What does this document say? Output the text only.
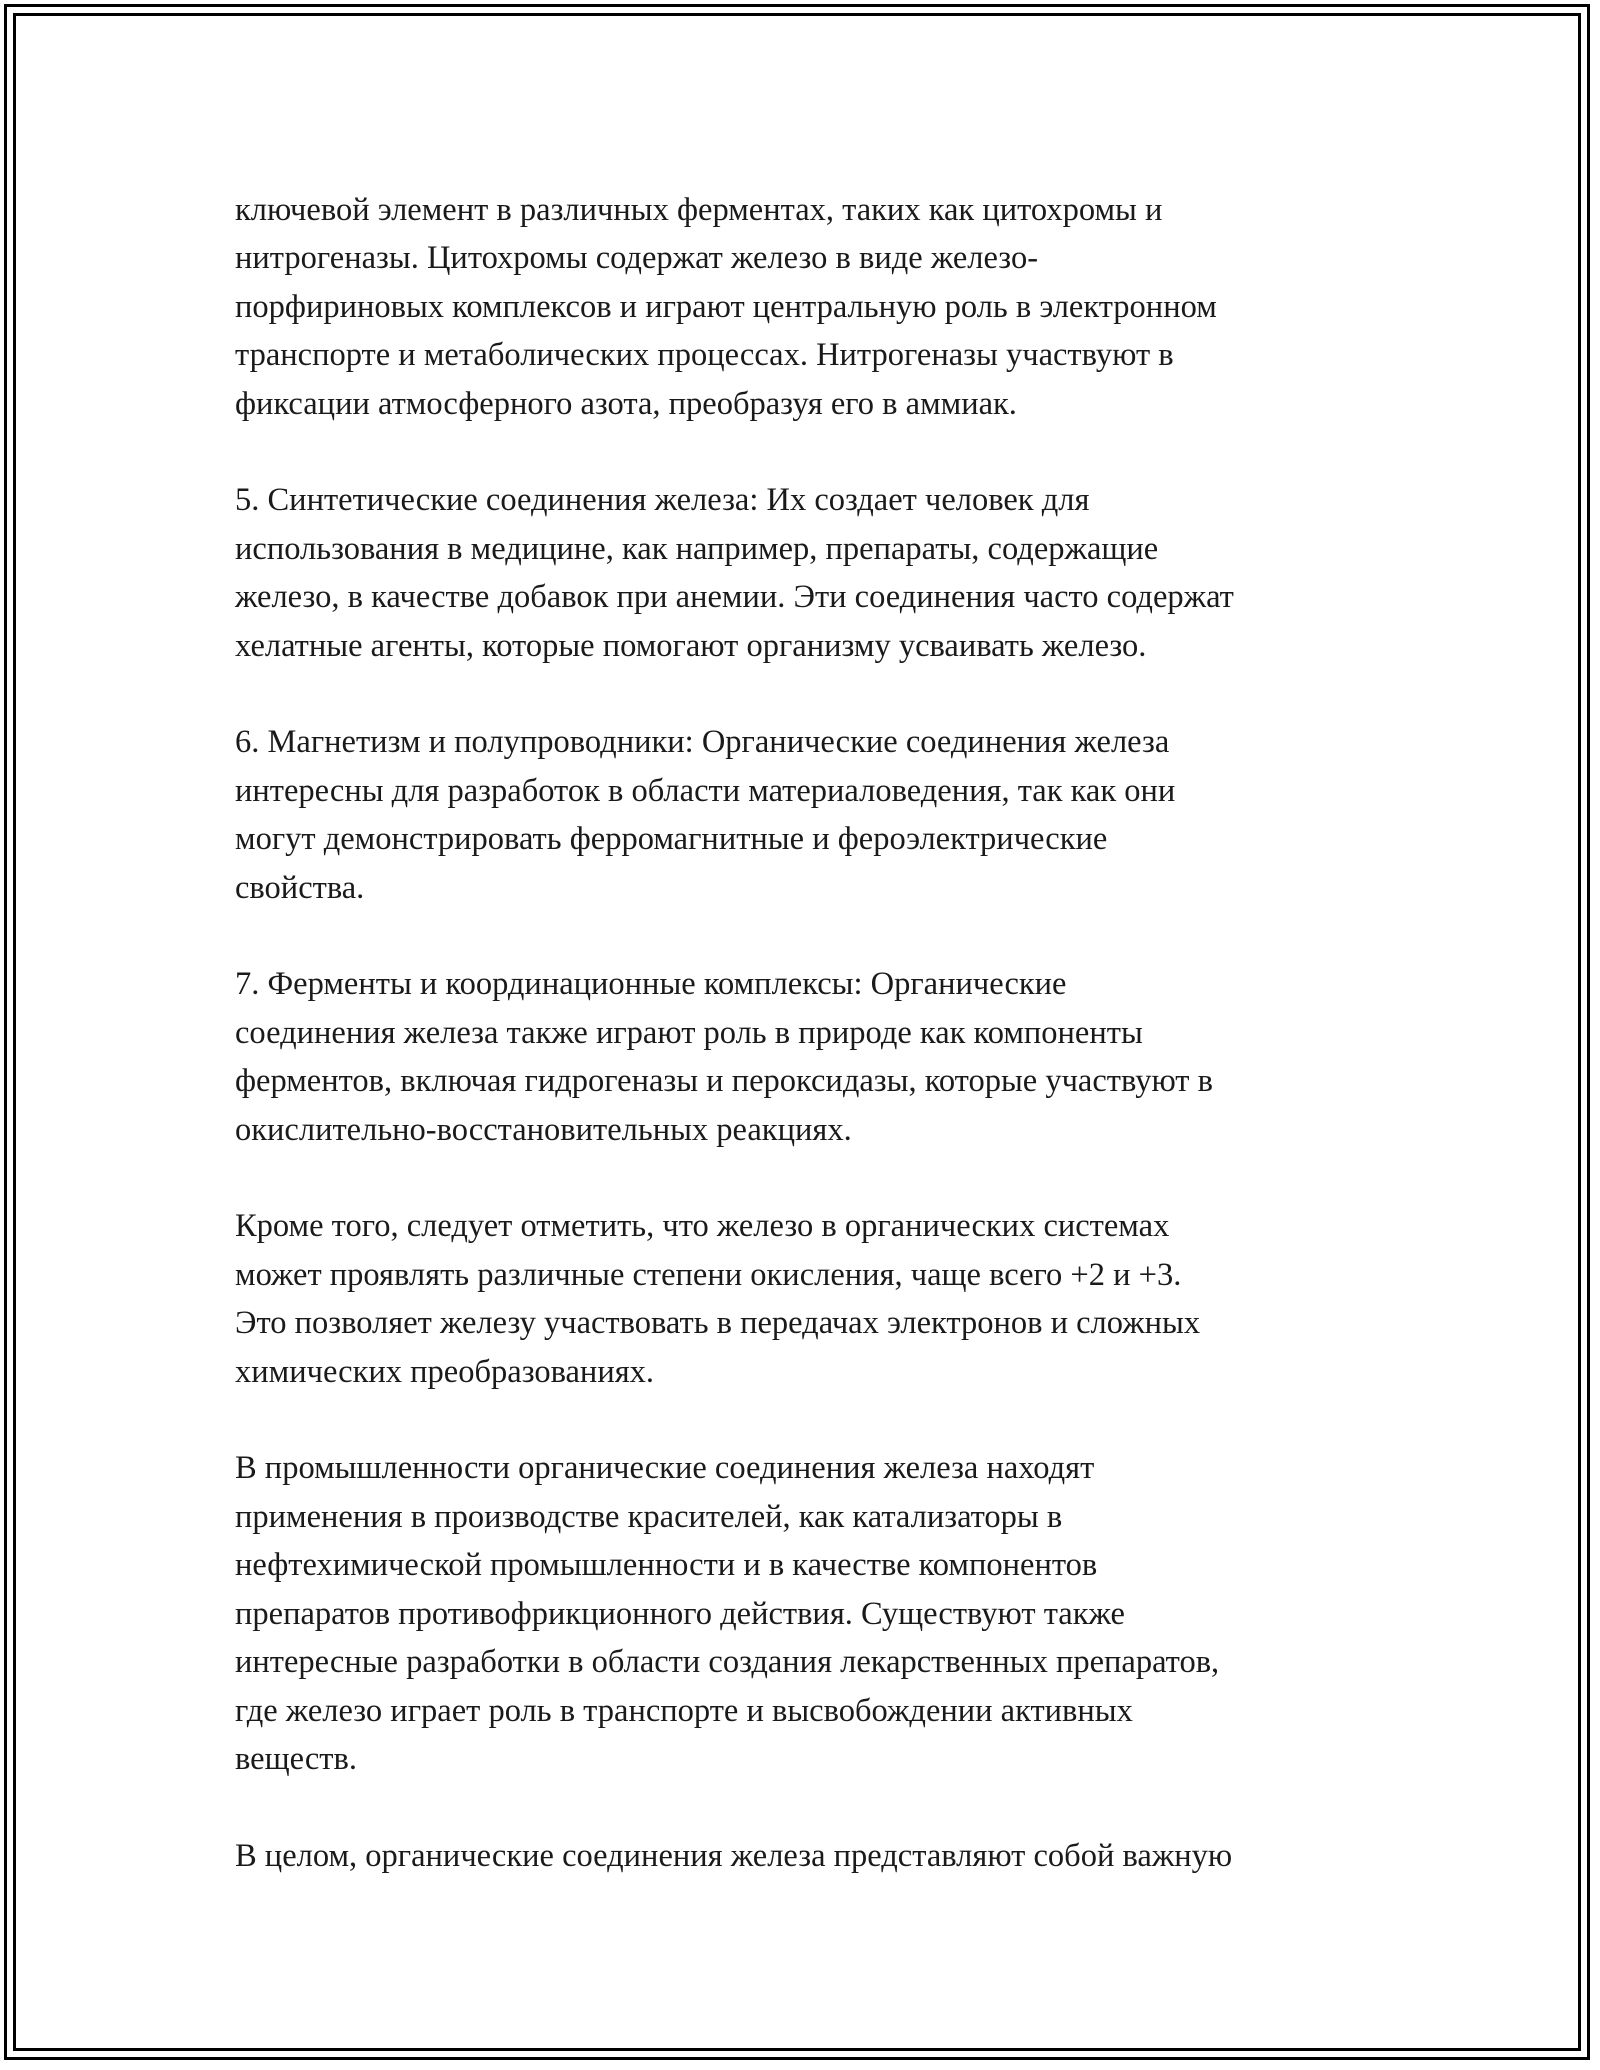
ключевой элемент в различных ферментах, таких как цитохромы и
нитрогеназы. Цитохромы содержат железо в виде железо-
порфириновых комплексов и играют центральную роль в электронном
транспорте и метаболических процессах. Нитрогеназы участвуют в
фиксации атмосферного азота, преобразуя его в аммиак.

5. Синтетические соединения железа: Их создает человек для
использования в медицине, как например, препараты, содержащие
железо, в качестве добавок при анемии. Эти соединения часто содержат
хелатные агенты, которые помогают организму усваивать железо.

6. Магнетизм и полупроводники: Органические соединения железа
интересны для разработок в области материаловедения, так как они
могут демонстрировать ферромагнитные и фероэлектрические
свойства.

7. Ферменты и координационные комплексы: Органические
соединения железа также играют роль в природе как компоненты
ферментов, включая гидрогеназы и пероксидазы, которые участвуют в
окислительно-восстановительных реакциях.

Кроме того, следует отметить, что железо в органических системах
может проявлять различные степени окисления, чаще всего +2 и +3.
Это позволяет железу участвовать в передачах электронов и сложных
химических преобразованиях.

В промышленности органические соединения железа находят
применения в производстве красителей, как катализаторы в
нефтехимической промышленности и в качестве компонентов
препаратов противофрикционного действия. Существуют также
интересные разработки в области создания лекарственных препаратов,
где железо играет роль в транспорте и высвобождении активных
веществ.

В целом, органические соединения железа представляют собой важную
